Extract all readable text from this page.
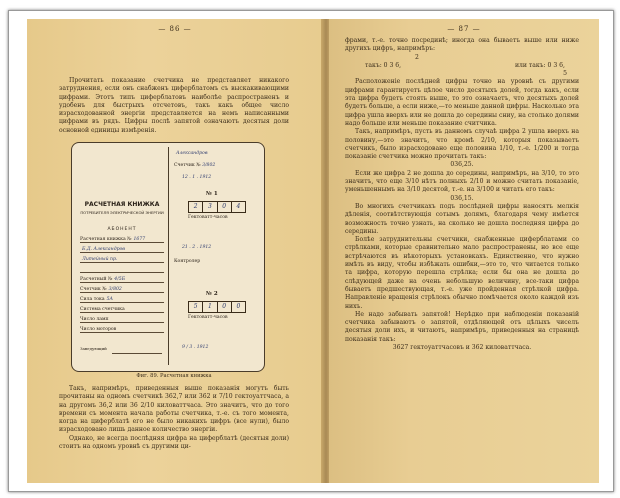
— 86 —

Прочитать показание счетчика не представляет никакого затруднения, если онъ снабженъ циферблатомъ съ выскакивающими цифрами. Этотъ типъ циферблатовъ наиболѣе распространенъ и удобенъ для быстрыхъ отсчетовъ, такъ какъ общее число израсходованной энергіи представляется на немъ написанными цифрами въ рядъ. Цифры послѣ запятой означаютъ десятыя доли основной единицы измѣренія.

РАСЧЕТНАЯ КНИЖКА
ПОТРЕБИТЕЛЯ ЭЛЕКТРИЧЕСКОЙ ЭНЕРГИИ
АБОНЕНТ
Расчетная книжка № 1677
Б.Д. Александров
Литейный пр.
Расчетный № 4/5Б
Счетчик № 3/802
Сила тока 5А
Система счетчика
Число ламп
Число моторов
Заведующий
Александров
Счетчик № 3/802
12 . 1 . 1912
№ 1
2	3	0	4
Гектоватт-часов
21 . 2 . 1912
Контролер
№ 2
5	1	0	0
Гектоватт-часов
9 / 3 . 1912
Фиг. 89. Расчетная книжка

Такъ, напримѣръ, приведенныя выше показанія могутъ быть прочитаны на одномъ счетчикѣ 362,7 или 362 и 7/10 гектоуаттчаса, а на другомъ 36,2 или 36 2/10 киловаттчаса. Это значитъ, что до того времени съ момента начала работы счетчика, т.-е. съ того момента, когда на циферблатѣ его не было никакихъ цифръ (все нули), было израсходовано лишь данное количество энергіи.

Однако, не всегда послѣдняя цифра на циферблатѣ (десятыя доли) стоитъ на одномъ уровнѣ съ другими ци-

— 87 —

фрами, т.-е. точно посрединѣ; иногда она бываетъ выше или ниже другихъ цифръ, напримѣръ:

2
такъ: 0 3 6,	или такъ: 0 3 6,
5

Расположеніе послѣдней цифры точно на уровнѣ съ другими цифрами гарантируетъ цѣлое число десятыхъ долей, тогда какъ, если эта цифра будетъ стоять выше, то это означаетъ, что десятыхъ долей будетъ больше, а если ниже,—то меньше данной цифры. Насколько эта цифра ушла вверхъ или не дошла до середины сниу, на столько долями надо больше или меньше показание считчика.

Такъ, напримѣръ, пусть въ данномъ случаѣ цифра 2 ушла вверхъ на половину,—это значитъ, что кромѣ 2/10, которыя показываетъ счетчикъ, было израсходовано еще половина 1/10, т.-е. 1/200 и тогда показаніе счетчика можно прочитать такъ:

036,25.

Если же цифра 2 не дошла до середины, напримѣръ, на 3/10, то это значитъ, что еще 3/10 нѣтъ полныхъ 2/10 и можно считать показаніе, уменьшеннымъ на 3/10 десятой, т.-е. на 3/100 и читать его такъ:

036,15.

Во многихъ счетчикахъ подъ послѣдней цифры наносятъ мелкія дѣленія, соотвѣтствующія сотымъ долямъ, благодаря чему имѣется возможность точно узнать, на сколько не дошла последняя цифра до середины.

Болѣе затруднительны счетчики, снабженные циферблатами со стрѣлками, которые сравнительно мало распространены, но все еще встрѣчаются въ нѣкоторыхъ установкахъ. Единственно, что нужно имѣть въ виду, чтобы избѣжать ошибки,—это то, что читается только та цифра, которую перешла стрѣлка; если бы она не дошла до слѣдующей даже на очень небольшую величину, все-таки цифра бываетъ предшествующая, т.-е. уже пройденная стрѣлкой цифра. Направленіе вращенія стрѣлокъ обычно помѣчается около каждой изъ нихъ.

Не надо забывать запятой! Нерѣдко при наблюденіи показаній счетчика забываютъ о запятой, отдѣляющей отъ цѣлыхъ чиселъ десятыя доли ихъ, и читаютъ, напримѣръ, приведенныя на страницѣ показанія такъ:

3627 гектоуаттчасовъ и 362 киловаттчаса.
